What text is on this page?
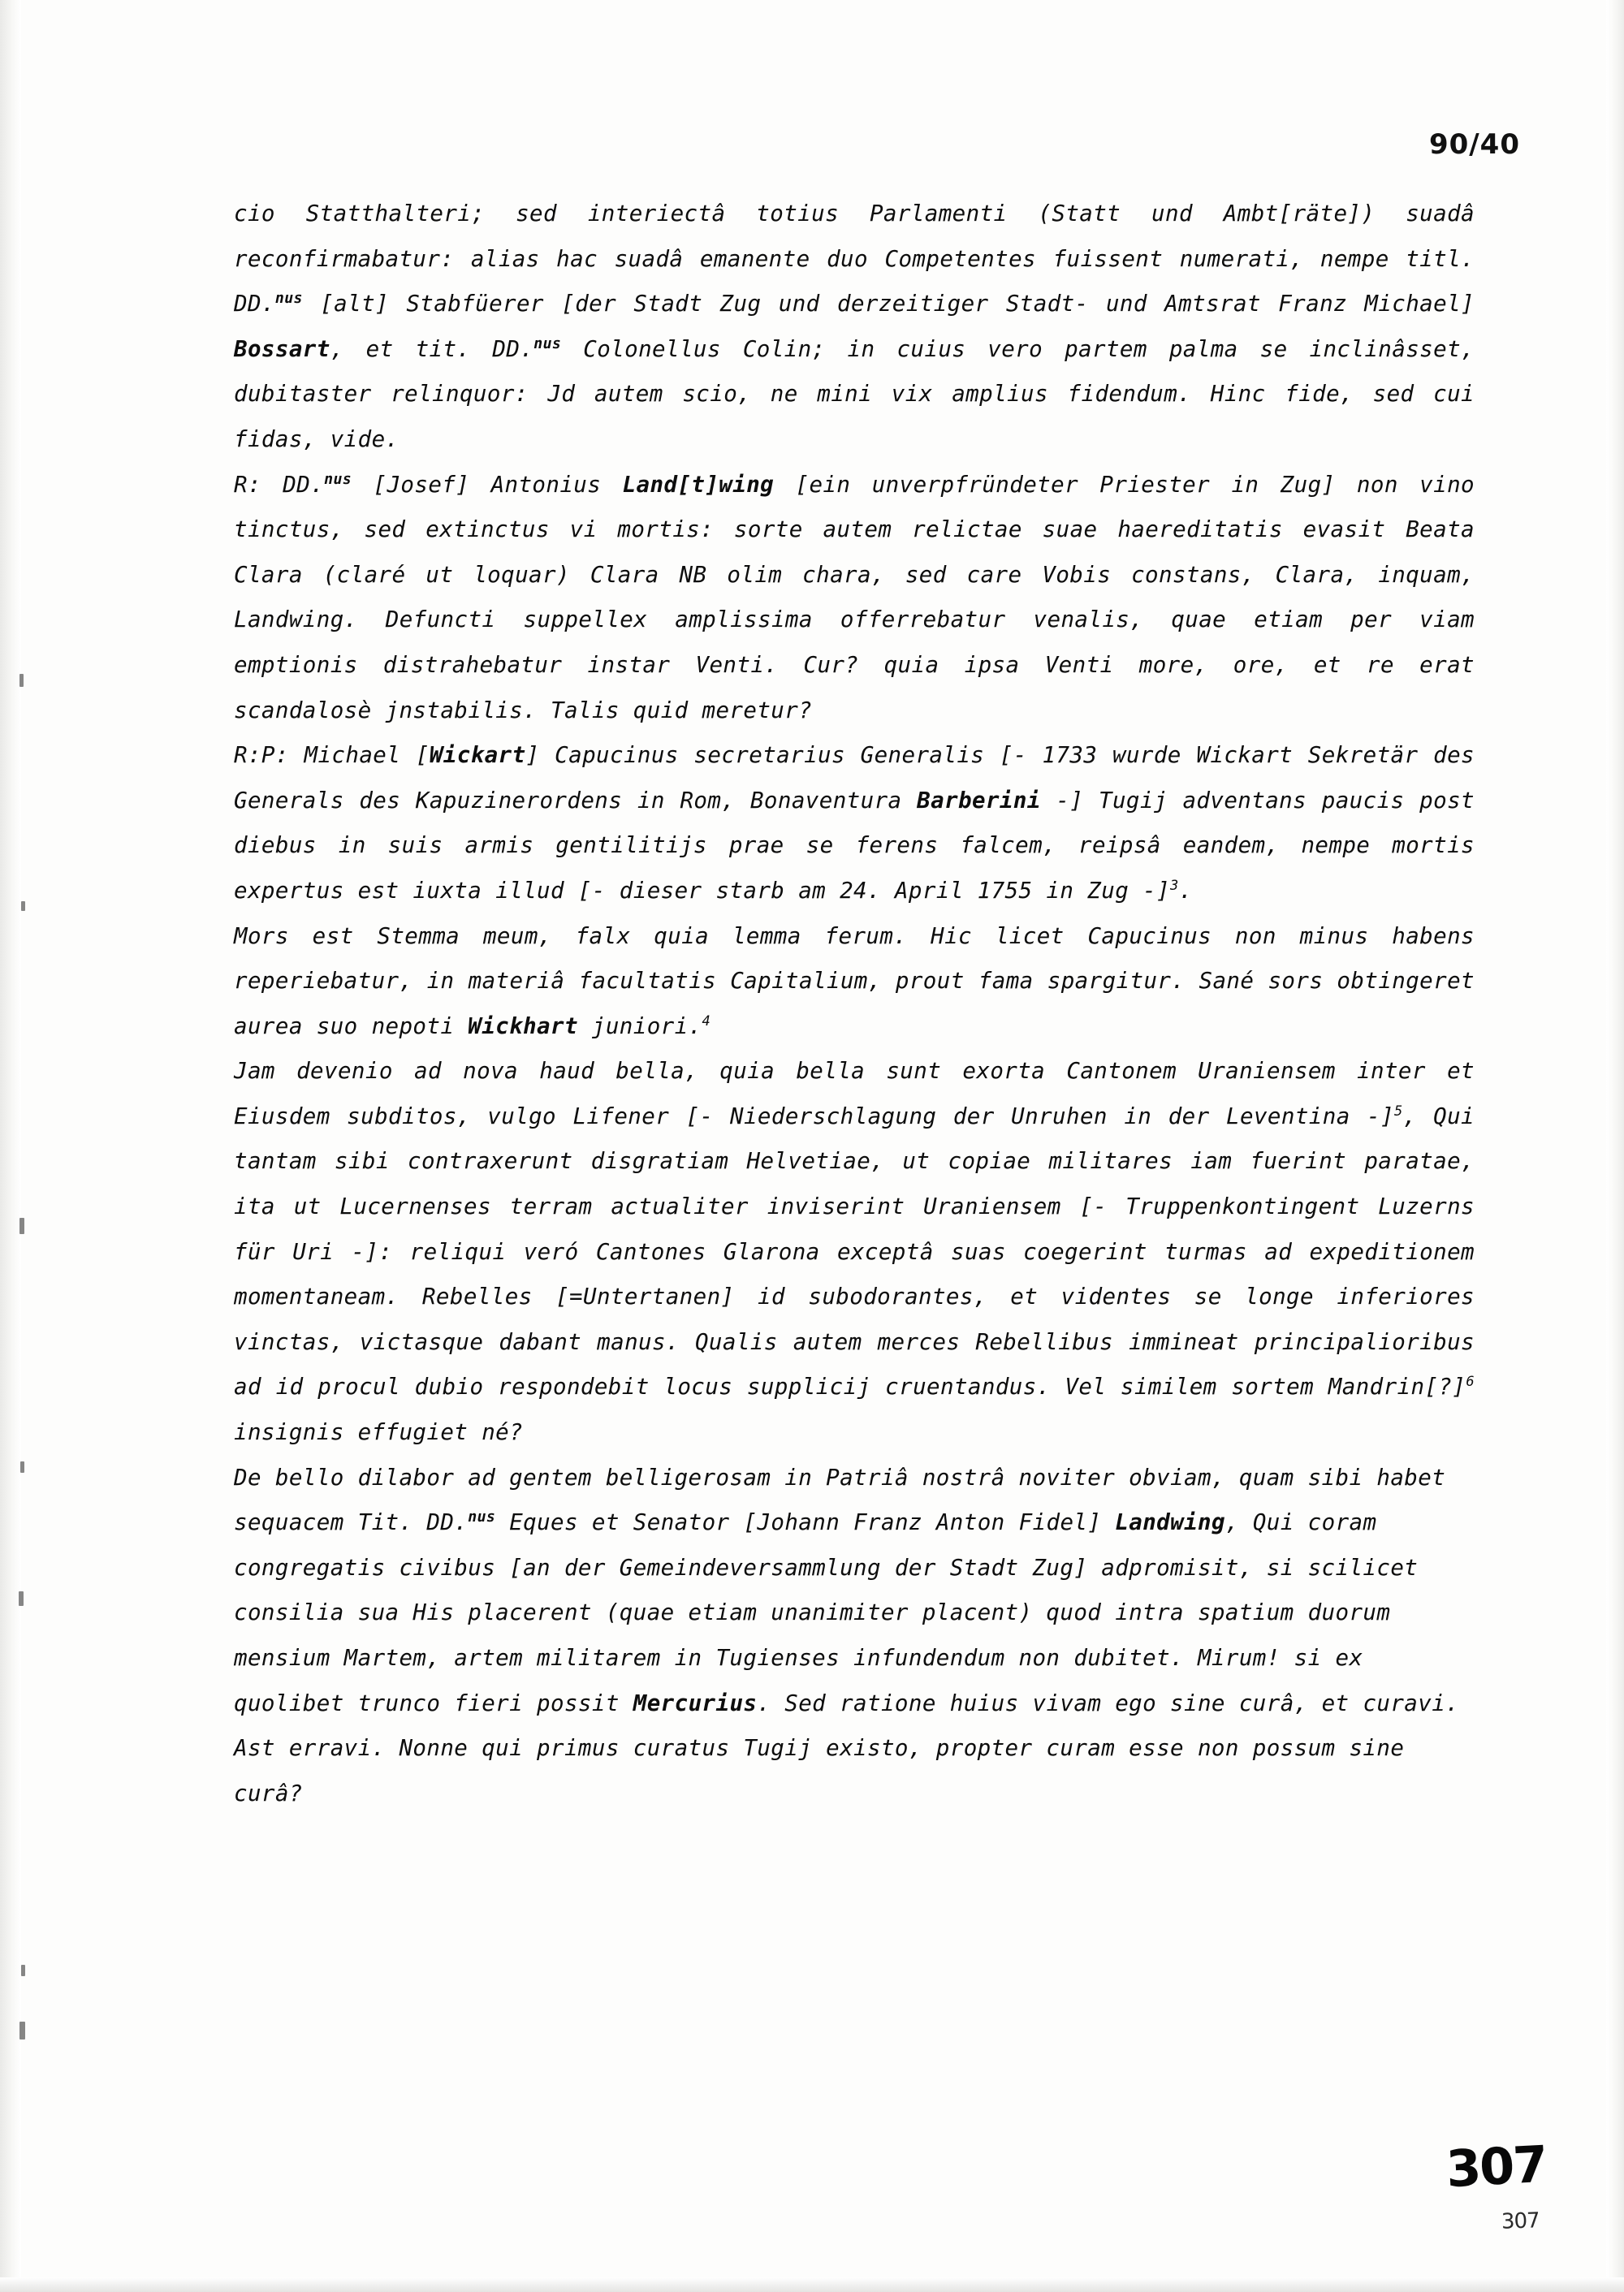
90/40

cio Statthalteri; sed interiectâ totius Parlamenti (Statt und Ambt[räte]) suadâ reconfirmabatur: alias hac suadâ emanente duo Competentes fuissent numerati, nempe titl. DD.$^{nus}$ [alt] Stabfüerer [der Stadt Zug und derzeitiger Stadt- und Amtsrat Franz Michael] Bossart, et tit. DD.$^{nus}$ Colonellus Colin; in cuius vero partem palma se inclinâsset, dubitaster relinquor: Jd autem scio, ne mini vix amplius fidendum. Hinc fide, sed cui fidas, vide.

R: DD.$^{nus}$ [Josef] Antonius Land[t]wing [ein unverpfründeter Priester in Zug] non vino tinctus, sed extinctus vi mortis: sorte autem relictae suae haereditatis evasit Beata Clara (claré ut loquar) Clara NB olim chara, sed care Vobis constans, Clara, inquam, Landwing. Defuncti suppellex amplissima offerrebatur venalis, quae etiam per viam emptionis distrahebatur instar Venti. Cur? quia ipsa Venti more, ore, et re erat scandalosè jnstabilis. Talis quid meretur?

R:P: Michael [Wickart] Capucinus secretarius Generalis [- 1733 wurde Wickart Sekretär des Generals des Kapuzinerordens in Rom, Bonaventura Barberini -] Tugij adventans paucis post diebus in suis armis gentilitijs prae se ferens falcem, reipsâ eandem, nempe mortis expertus est iuxta illud [- dieser starb am 24. April 1755 in Zug -]$^3$.

Mors est Stemma meum, falx quia lemma ferum. Hic licet Capucinus non minus habens reperiebatur, in materiâ facultatis Capitalium, prout fama spargitur. Sané sors obtingeret aurea suo nepoti Wickhart juniori.$^4$

Jam devenio ad nova haud bella, quia bella sunt exorta Cantonem Uraniensem inter et Eiusdem subditos, vulgo Lifener [- Niederschlagung der Unruhen in der Leventina -]$^5$, Qui tantam sibi contraxerunt disgratiam Helvetiae, ut copiae militares iam fuerint paratae, ita ut Lucernenses terram actualiter inviserint Uraniensem [- Truppenkontingent Luzerns für Uri -]: reliqui veró Cantones Glarona exceptâ suas coegerint turmas ad expeditionem momentaneam. Rebelles [=Untertanen] id subodorantes, et videntes se longe inferiores vinctas, victasque dabant manus. Qualis autem merces Rebellibus immineat principalioribus ad id procul dubio respondebit locus supplicij cruentandus. Vel similem sortem Mandrin[?]$^6$ insignis effugiet né?

De bello dilabor ad gentem belligerosam in Patriâ nostrâ noviter obviam, quam sibi habet sequacem Tit. DD.$^{nus}$ Eques et Senator [Johann Franz Anton Fidel] Landwing, Qui coram congregatis civibus [an der Gemeindeversammlung der Stadt Zug] adpromisit, si scilicet consilia sua His placerent (quae etiam unanimiter placent) quod intra spatium duorum mensium Martem, artem militarem in Tugienses infundendum non dubitet. Mirum! si ex quolibet trunco fieri possit Mercurius. Sed ratione huius vivam ego sine curâ, et curavi. Ast erravi. Nonne qui primus curatus Tugij existo, propter curam esse non possum sine curâ?

307
307
